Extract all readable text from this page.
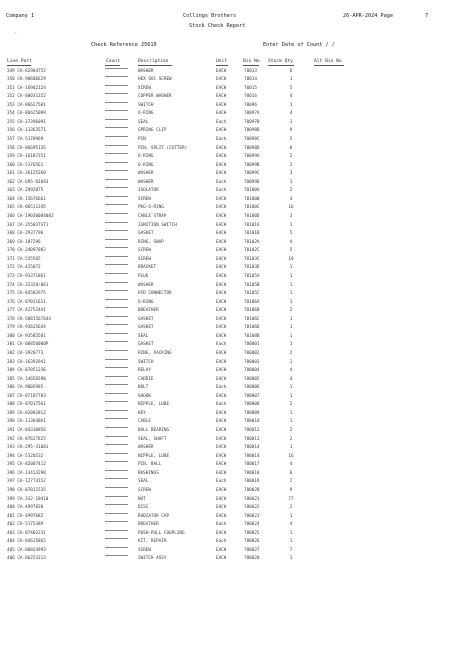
Company 1	Collings Brothers	26-APR-2024 Page	7
Stock Check Report
-
Check Reference 25610	Enter Date of Count / /
Line Part	Count	Description	Unit	Bin No Stock Qty	Alt Bin No
349 CA-82904752	WASHER	EACH	70013	6
350 CA-90606629	HEX SOC SCREW	EACH	70014	1
351 CA-16902124	SCREW	EACH	70015	5
352 CA-80031352	COPPER WASHER	EACH	70016	4
353 CA-86627501	SWITCH	EACH	70096	1
354 CA-86625099	O-RING	EACH	70097A	4
355 CA-37396091	SEAL	Each	70097B	1
356 CA-11363571	SPRING CLIP	EACH	70098B	9
357 CA-5178969	PIN	Each	70098C	5
358 CA-86695135	PIN, SPLIT (COTTER)	EACH	70098D	8
359 CA-16187351	O-RING	EACH	70099A	2
360 CA-5176561	O-RING	EACH	70099B	2
361 CA-36125260	WASHER	EACH	70099C	3
362 CA-695-81043	WASHER	Each	70099D	1
363 CA-2992075	ISOLATOR	Each	70100A	2
364 CA-15676661	SCREW	EACH	70100B	4
365 CA-06511345	PKG-O-RING	EACH	70100C	16
366 CA-19030084082	CABLE STRAP	EACH	70100D	3
367 CA-35503TST1	IGNITION SWITCH	EACH	70101A	1
368 CA-2937796	GASKET	EACH	70101B	5
369 CA-107296	RING, SNAP	EACH	70102A	4
370 CA-24097082	SCREW	EACH	70102C	5
371 CA-535565	SCREW	EACH	70103C	10
372 CA-425073	BRACKET	EACH	70103D	1
373 CA-93371861	PLUG	EACH	70105A	1
374 CA-32328/861	WASHER	EACH	70105B	1
375 CA-84582975	HYD CONNECTOR	EACH	70105C	1
376 CA-87011611	O-RING	EACH	70106A	1
377 CA-427524A1	BREATHER	EACH	70106B	2
378 CA-5881567644	GASKET	EACH	70106C	1
379 CA-93635644	GASKET	EACH	70106D	1
380 CA-93583581	SEAL	EACH	70108B	1
381 CA-08850000P	GASKET	Each	780001	1
382 CA-3920773	RING, PACKING	EACH	780002	2
383 CA-16392941	SWITCH	EACH	780003	1
384 CA-87051236	RELAY	EACH	780004	4
385 CA-14656590	CADDIE	EACH	780005	4
386 CA-9805985	BOLT	Each	780006	1
387 CA-87187703	SHOOK	EACH	780007	1
388 CA-87017561	NIPPLE, LUBE	Each	780008	2
389 CA-02002812	KEY	EACH	780009	1
390 CA-113648A1	CABLE	EACH	780010	1
391 CA-84330856	BALL BEARING	EACH	780012	2
392 CA-87627825	SEAL, SHAFT	EACH	780013	2
393 CA-295-31081	WASHER	EACH	780014	1
394 CA-5320532	NIPPLE, LUBE	EACH	780014	16
395 CA-82007412	PIN, BALL	EACH	780017	4
396 CA-13413290	BUSHINGS	EACH	780018	6
397 CA-12774152	SEAL	Each	780019	2
398 CA-87011535	SCREW	EACH	780020	9
399 CA-332-10410	NUT	EACH	780021	77
400 CA-4997838	DISC	EACH	780022	2
401 CA-4997682	RADIATOR CAP	EACH	780023	1
402 CA-5175389	BREATHER	Each	780024	4
403 CA-87402231	PUSH-PULL COUPLING	EACH	780025	1
404 CA-84615865	KIT, REPAIR	Each	780026	1
405 CA-80824993	SCREW	EACH	780027	7
406 CA-86253313	SWITCH ASSY	EACH	780028	1
